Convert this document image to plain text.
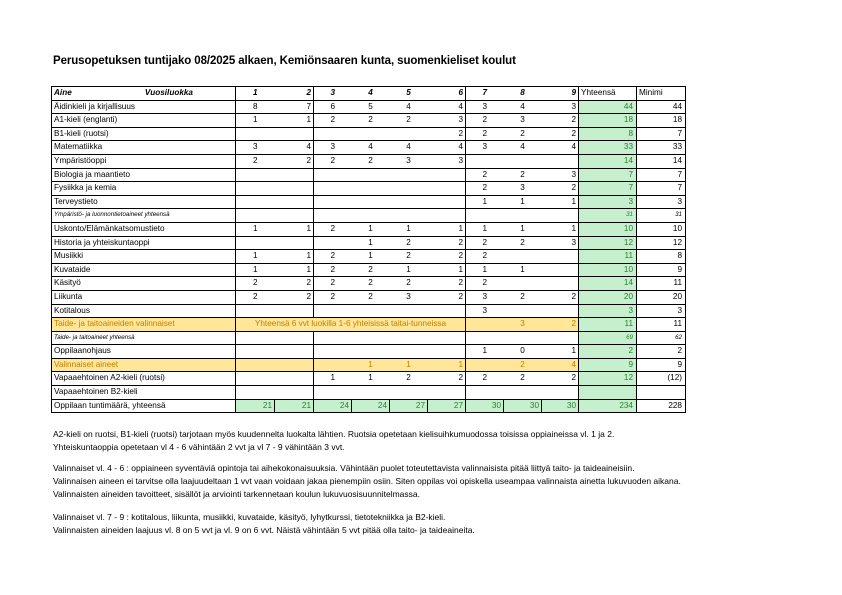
Perusopetuksen tuntijako 08/2025 alkaen, Kemiönsaaren kunta, suomenkieliset koulut
Aine Vuosiluokka	1	2	3	4	5	6	7	8	9	Yhteensä	Minimi
Äidinkieli ja kirjallisuus	8	7	6	5	4	4	3	4	3	44	44
A1-kieli (englanti)	1	1	2	2	2	3	2	3	2	18	18
B1-kieli (ruotsi)						2	2	2	2	8	7
Matematiikka	3	4	3	4	4	4	3	4	4	33	33
Ympäristöoppi	2	2	2	2	3	3				14	14
Biologia ja maantieto							2	2	3	7	7
Fysiikka ja kemia							2	3	2	7	7
Terveystieto							1	1	1	3	3
Ympäristö- ja luonnontietoaineet yhteensä										31	31
Uskonto/Elämänkatsomustieto	1	1	2	1	1	1	1	1	1	10	10
Historia ja yhteiskuntaoppi				1	2	2	2	2	3	12	12
Musiikki	1	1	2	1	2	2	2			11	8
Kuvataide	1	1	2	2	1	1	1	1		10	9
Käsityö	2	2	2	2	2	2	2			14	11
Liikunta	2	2	2	2	3	2	3	2	2	20	20
Kotitalous							3			3	3
Taide- ja taitoaineiden valinnaiset	Yhteensä 6 vvt luokilla 1-6 yhteisissä taitai-tunneissa							3	2	11	11
Taide- ja taitoaineet yhteensä										69	62
Oppilaanohjaus							1	0	1	2	2
Valinnaiset aineet				1	1	1		2	4	9	9
Vapaaehtoinen A2-kieli (ruotsi)			1	1	2	2	2	2	2	12	(12)
Vapaaehtoinen B2-kieli											
Oppilaan tuntimäärä, yhteensä	21	21	24	24	27	27	30	30	30	234	228
A2-kieli on ruotsi, B1-kieli (ruotsi) tarjotaan myös kuudennelta luokalta lähtien. Ruotsia opetetaan kielisuihkumuodossa toisissa oppiaineissa vl. 1 ja 2.
Yhteiskuntaoppia opetetaan vl 4 - 6 vähintään 2 vvt ja vl 7 - 9 vähintään 3 vvt.
Valinnaiset vl. 4 - 6 : oppiaineen syventäviä opintoja tai aihekokonaisuuksia. Vähintään puolet toteutettavista valinnaisista pitää liittyä taito- ja taideaineisiin.
Valinnaisen aineen ei tarvitse olla laajuudeltaan 1 vvt vaan voidaan jakaa pienempiin osiin. Siten oppilas voi opiskella useampaa valinnaista ainetta lukuvuoden aikana.
Valinnaisten aineiden tavoitteet, sisällöt ja arviointi tarkennetaan koulun lukuvuosisuunnitelmassa.
Valinnaiset vl. 7 - 9 : kotitalous, liikunta, musiikki, kuvataide, käsityö, lyhytkurssi, tietotekniikka ja B2-kieli.
Valinnaisten aineiden laajuus vl. 8 on 5 vvt ja vl. 9 on 6 vvt. Näistä vähintään 5 vvt pitää olla taito- ja taideaineita.
